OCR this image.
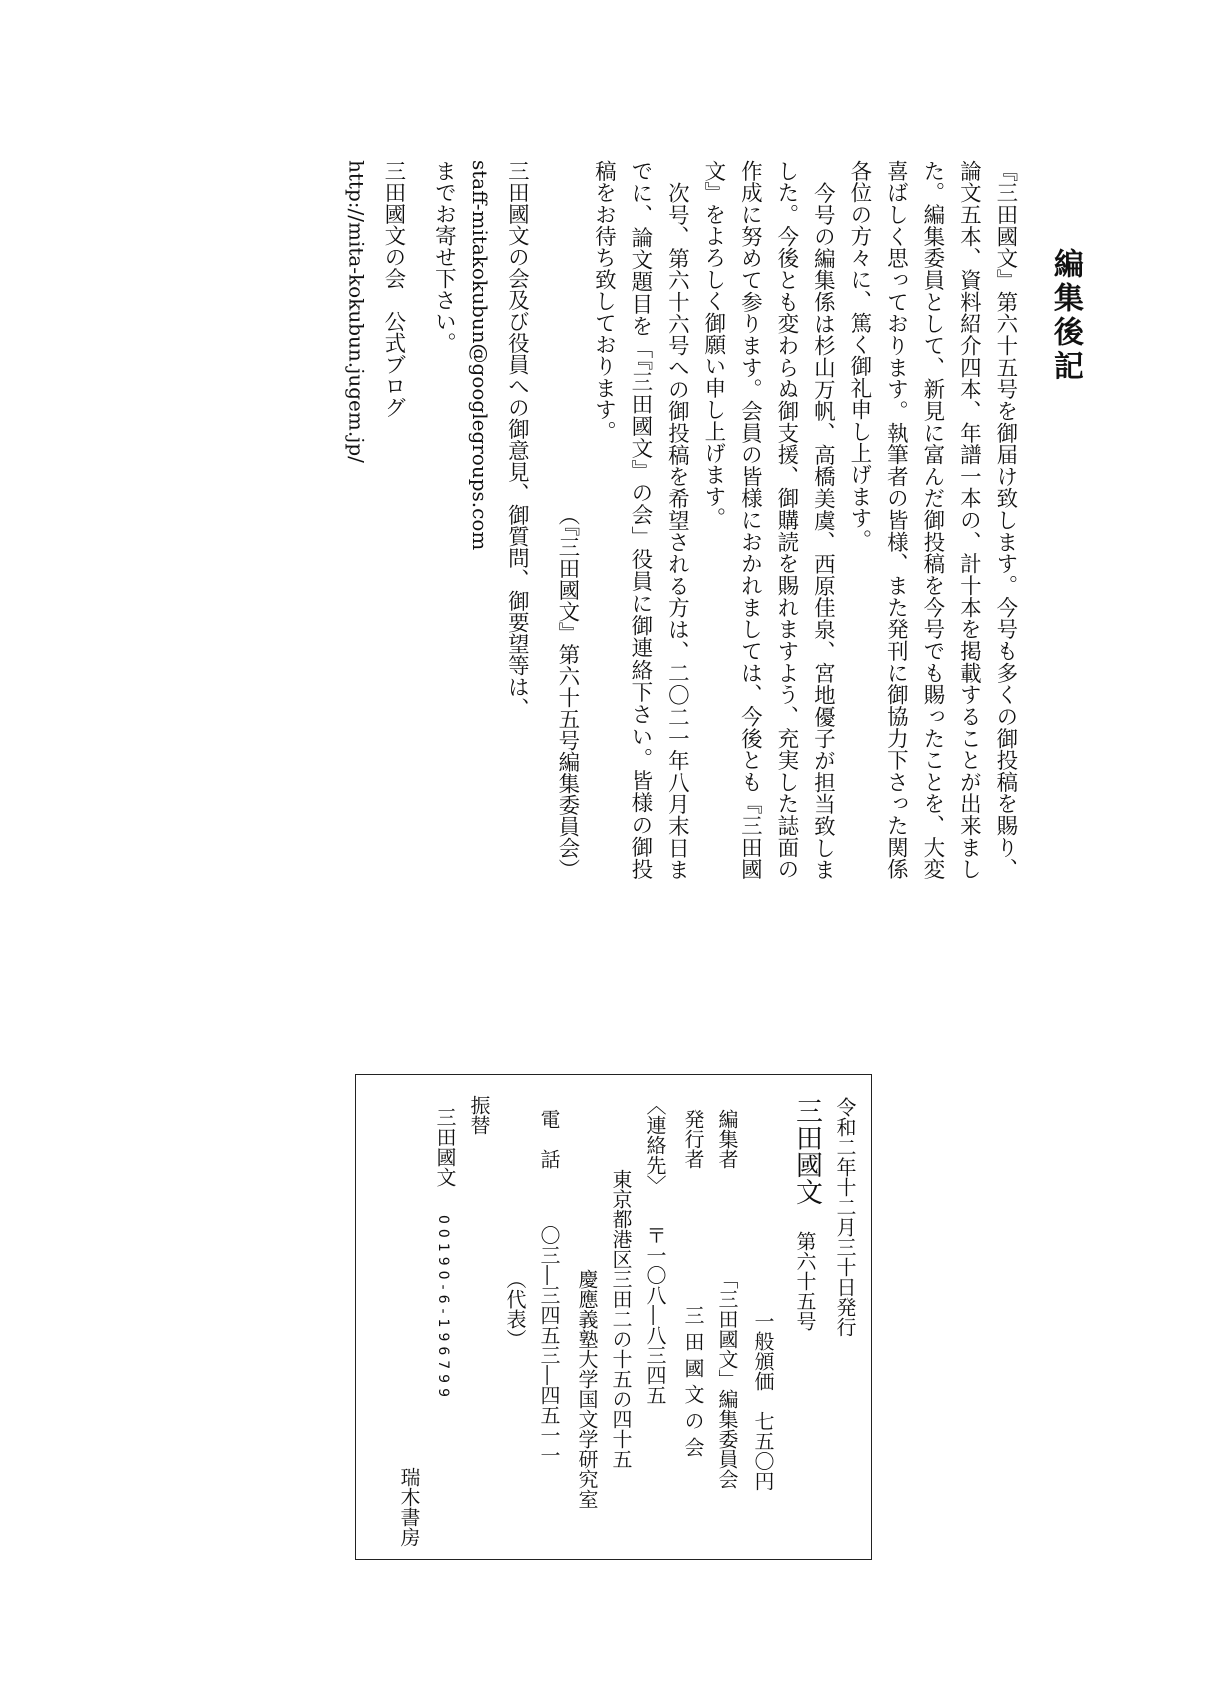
編集後記

『三田國文』第六十五号を御届け致します。今号も多くの御投稿を賜り、論文五本、資料紹介四本、年譜一本の、計十本を掲載することが出来ました。編集委員として、新見に富んだ御投稿を今号でも賜ったことを、大変喜ばしく思っております。執筆者の皆様、また発刊に御協力下さった関係各位の方々に、篤く御礼申し上げます。

今号の編集係は杉山万帆、高橋美虞、西原佳泉、宮地優子が担当致しました。今後とも変わらぬ御支援、御購読を賜れますよう、充実した誌面の作成に努めて参ります。会員の皆様におかれましては、今後とも『三田國文』をよろしく御願い申し上げます。

次号、第六十六号への御投稿を希望される方は、二〇二一年八月末日までに、論文題目を「『三田國文』の会」役員に御連絡下さい。皆様の御投稿をお待ち致しております。

（『三田國文』第六十五号編集委員会）

三田國文の会及び役員への御意見、御質問、御要望等は、

staff-mitakokubun@googlegroups.com

までお寄せ下さい。

三田國文の会　公式ブログ

http://mita-kokubun.jugem.jp/

令和二年十二月三十日発行
三田國文
第六十五号
一般頒価　七五〇円
編集者
「三田國文」編集委員会
発行者
三 田 國 文 の 会
〈連絡先〉
〒一〇八―八三四五
東京都港区三田二の十五の四十五
慶應義塾大学国文学研究室
電　話
〇三―三四五三―四五一一
（代表）
振替
三田國文
00190-6-196799
瑞木書房
